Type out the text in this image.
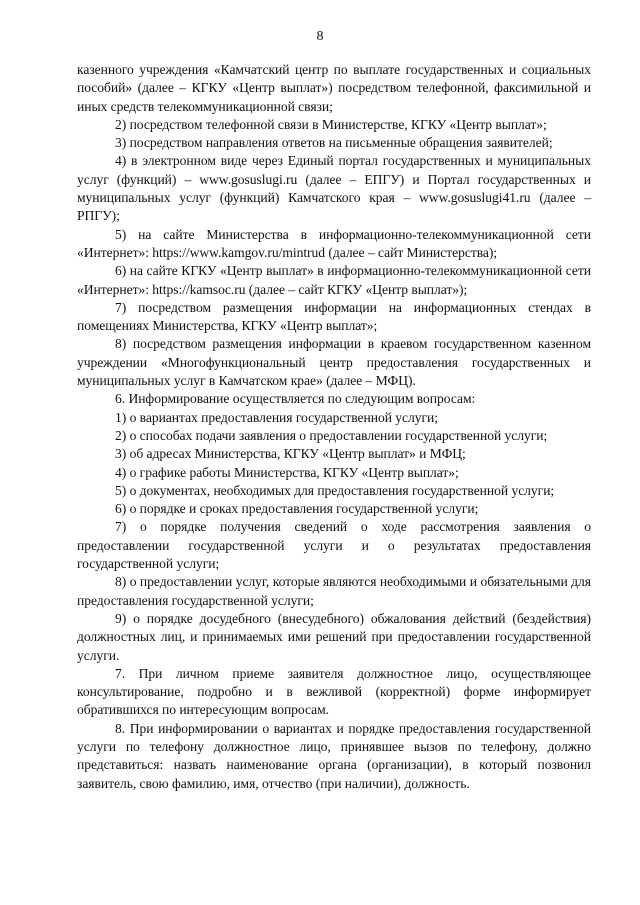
8

казенного учреждения «Камчатский центр по выплате государственных и социальных пособий» (далее – КГКУ «Центр выплат») посредством телефонной, факсимильной и иных средств телекоммуникационной связи;

2) посредством телефонной связи в Министерстве, КГКУ «Центр выплат»;

3) посредством направления ответов на письменные обращения заявителей;

4) в электронном виде через Единый портал государственных и муниципальных услуг (функций) – www.gosuslugi.ru (далее – ЕПГУ) и Портал государственных и муниципальных услуг (функций) Камчатского края – www.gosuslugi41.ru (далее – РПГУ);

5) на сайте Министерства в информационно-телекоммуникационной сети «Интернет»: https://www.kamgov.ru/mintrud (далее – сайт Министерства);

6) на сайте КГКУ «Центр выплат» в информационно-телекоммуникационной сети «Интернет»: https://kamsoc.ru (далее – сайт КГКУ «Центр выплат»);

7) посредством размещения информации на информационных стендах в помещениях Министерства, КГКУ «Центр выплат»;

8) посредством размещения информации в краевом государственном казенном учреждении «Многофункциональный центр предоставления государственных и муниципальных услуг в Камчатском крае» (далее – МФЦ).

6. Информирование осуществляется по следующим вопросам:

1) о вариантах предоставления государственной услуги;

2) о способах подачи заявления о предоставлении государственной услуги;

3) об адресах Министерства, КГКУ «Центр выплат» и МФЦ;

4) о графике работы Министерства, КГКУ «Центр выплат»;

5) о документах, необходимых для предоставления государственной услуги;

6) о порядке и сроках предоставления государственной услуги;

7) о порядке получения сведений о ходе рассмотрения заявления о предоставлении государственной услуги и о результатах предоставления государственной услуги;

8) о предоставлении услуг, которые являются необходимыми и обязательными для предоставления государственной услуги;

9) о порядке досудебного (внесудебного) обжалования действий (бездействия) должностных лиц, и принимаемых ими решений при предоставлении государственной услуги.

7. При личном приеме заявителя должностное лицо, осуществляющее консультирование, подробно и в вежливой (корректной) форме информирует обратившихся по интересующим вопросам.

8. При информировании о вариантах и порядке предоставления государственной услуги по телефону должностное лицо, принявшее вызов по телефону, должно представиться: назвать наименование органа (организации), в который позвонил заявитель, свою фамилию, имя, отчество (при наличии), должность.
